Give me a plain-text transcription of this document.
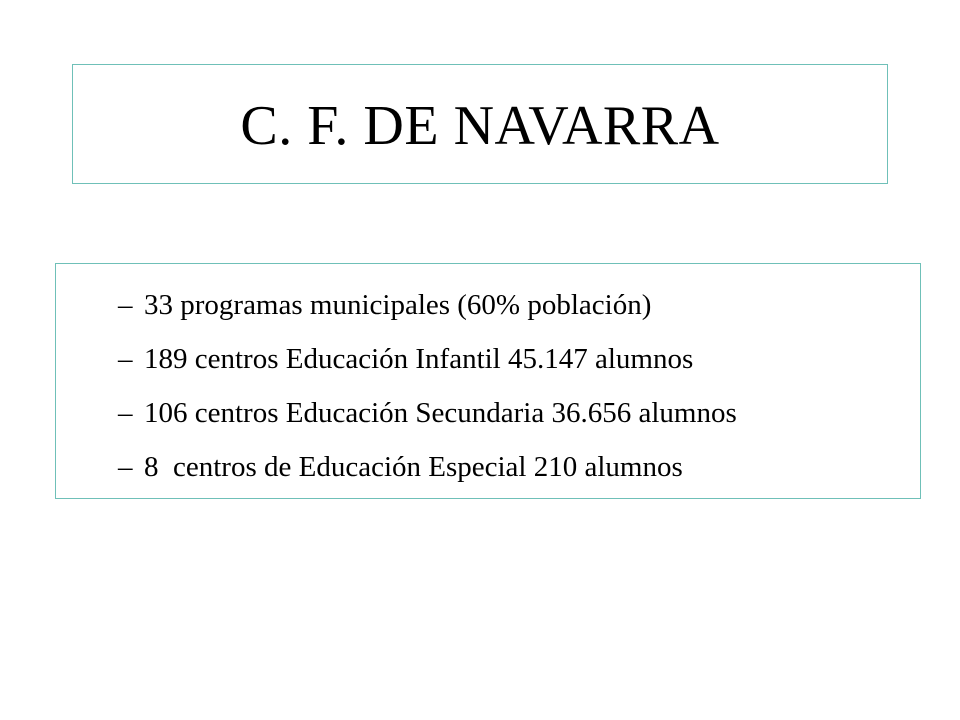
C. F. DE NAVARRA
– 33 programas municipales (60% población)
– 189 centros Educación Infantil 45.147 alumnos
– 106 centros Educación Secundaria 36.656 alumnos
– 8  centros de Educación Especial 210 alumnos
